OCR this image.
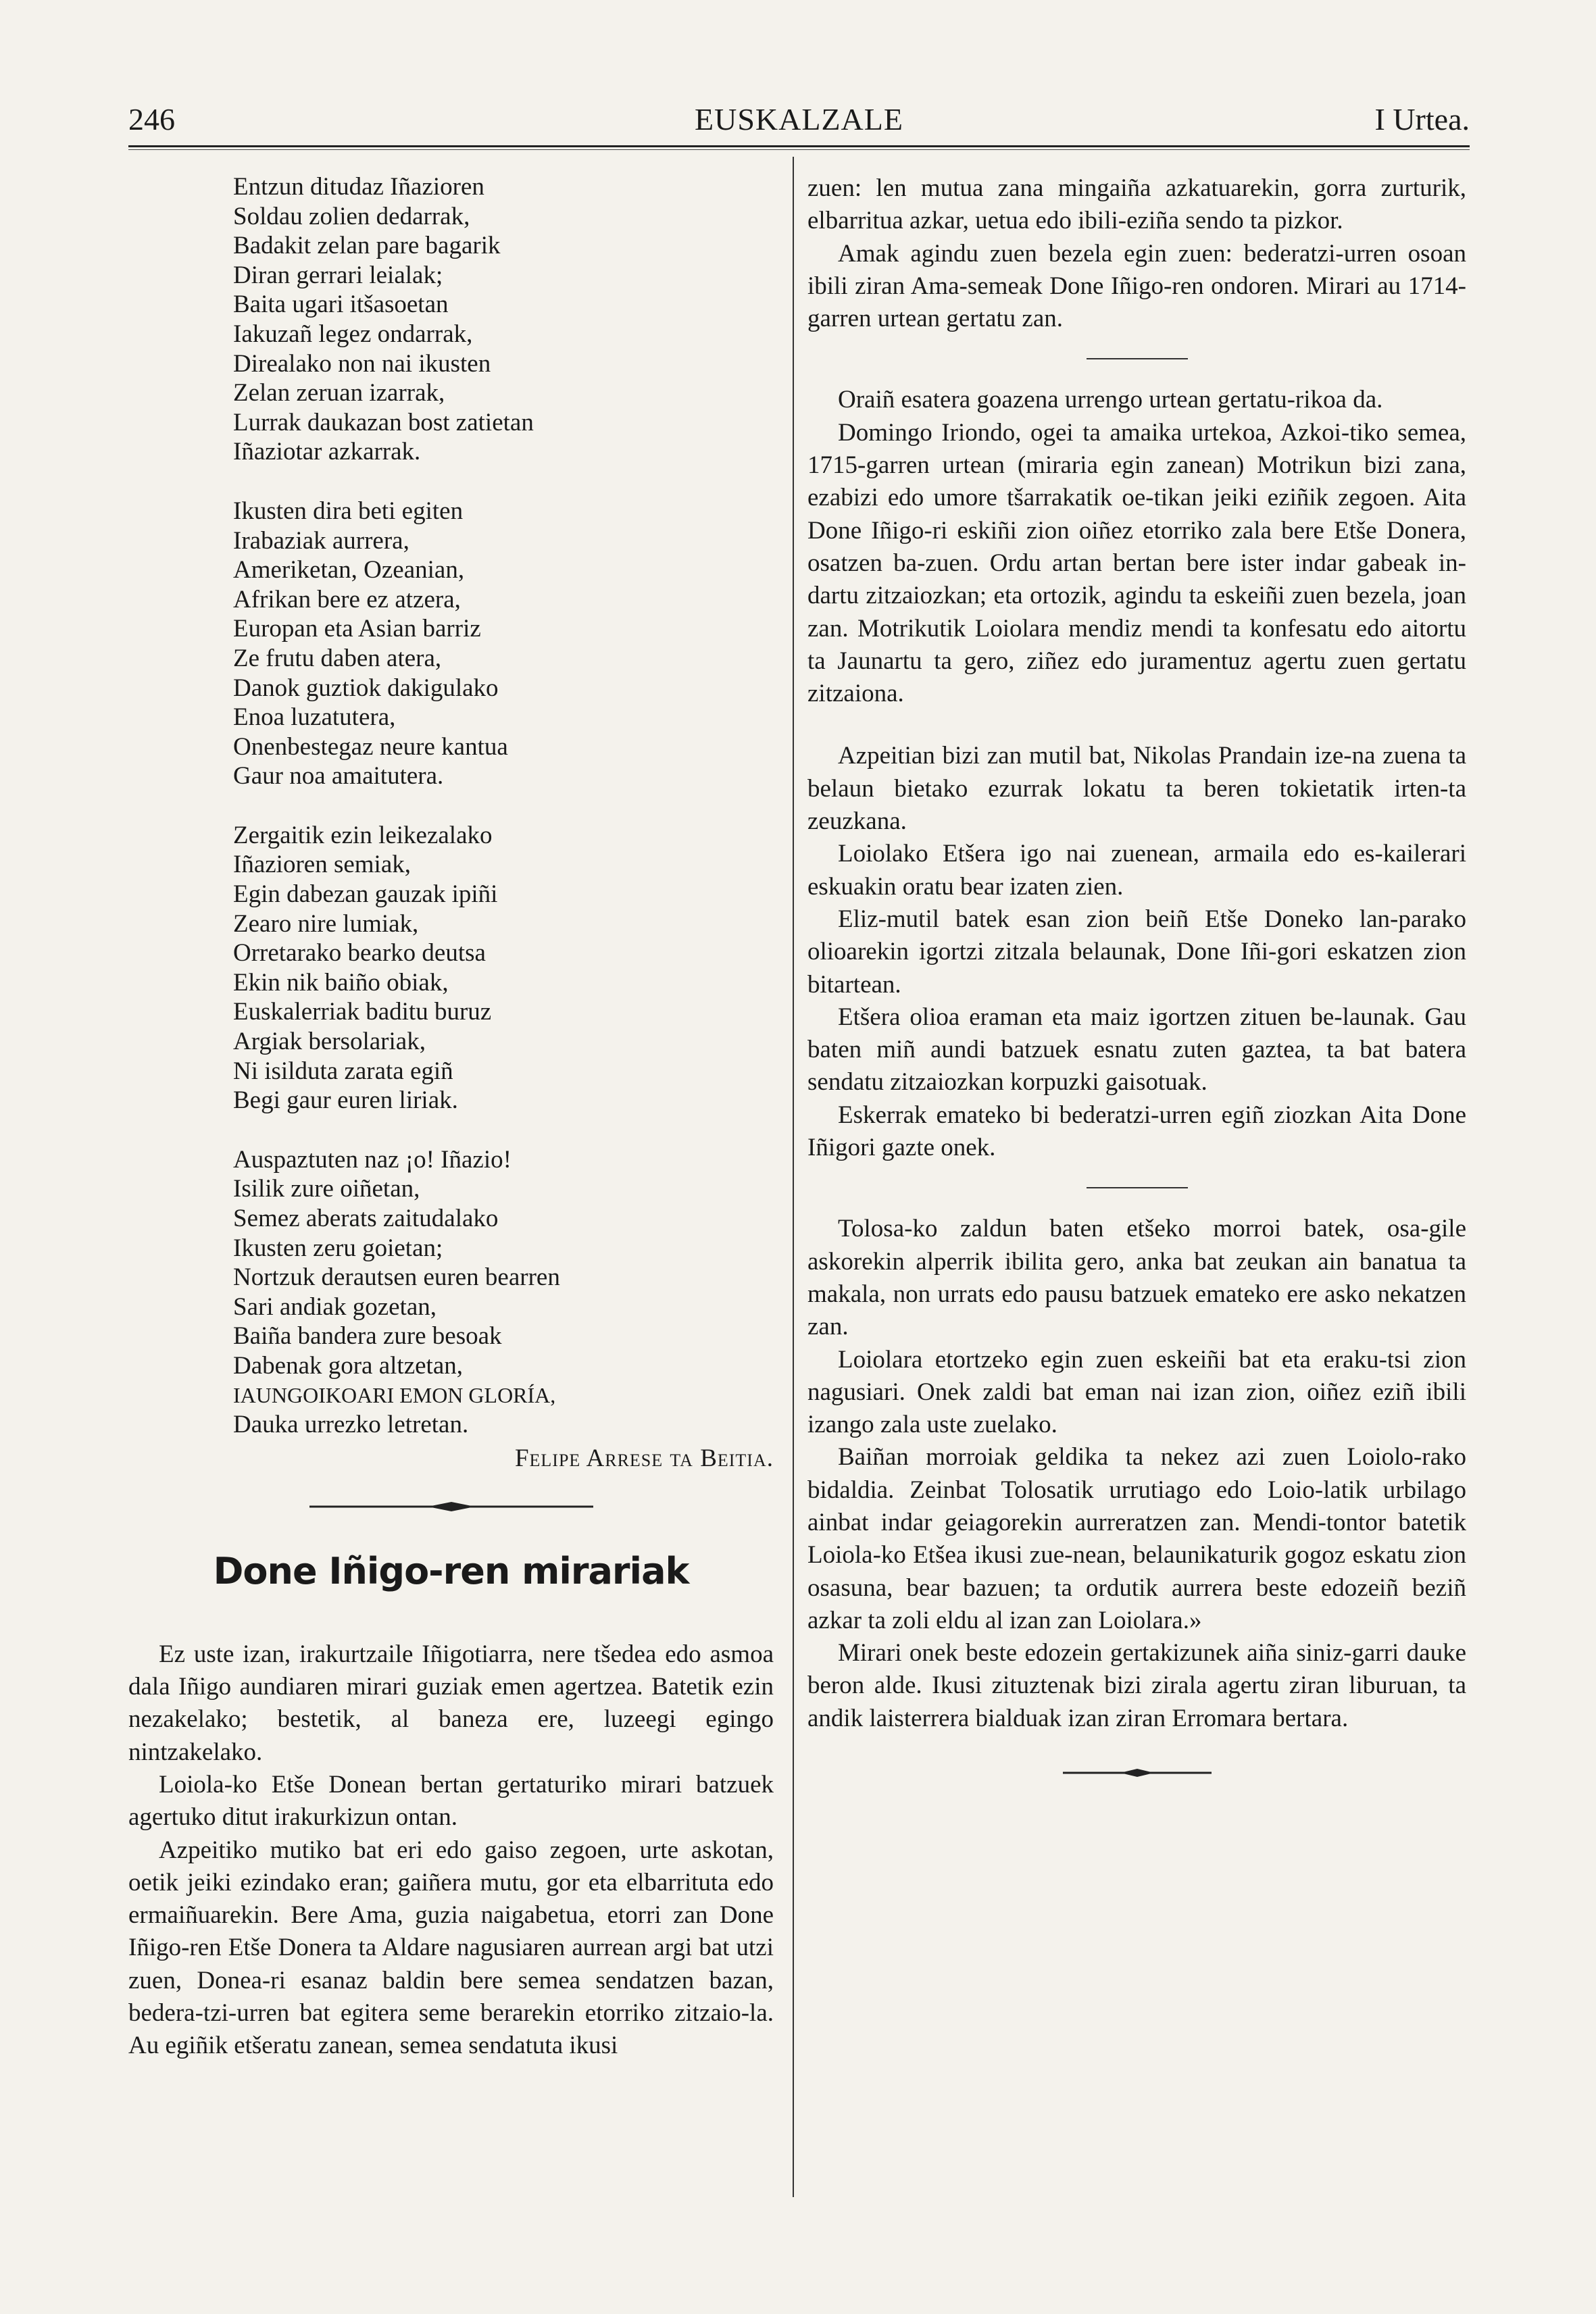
246	EUSKALZALE	I Urtea.
Entzun ditudaz Iñazioren
Soldau zolien dedarrak,
Badakit zelan pare bagarik
Diran gerrari leialak;
Baita ugari itšasoetan
Iakuzañ legez ondarrak,
Direalako non nai ikusten
Zelan zeruan izarrak,
Lurrak daukazan bost zatietan
Iñaziotar azkarrak.
Ikusten dira beti egiten
Irabaziak aurrera,
Ameriketan, Ozeanian,
Afrikan bere ez atzera,
Europan eta Asian barriz
Ze frutu daben atera,
Danok guztiok dakigulako
Enoa luzatutera,
Onenbestegaz neure kantua
Gaur noa amaitutera.
Zergaitik ezin leikezalako
Iñazioren semiak,
Egin dabezan gauzak ipiñi
Zearo nire lumiak,
Orretarako bearko deutsa
Ekin nik baiño obiak,
Euskalerriak baditu buruz
Argiak bersolariak,
Ni isilduta zarata egiñ
Begi gaur euren liriak.
Auspaztuten naz ¡o! Iñazio!
Isilik zure oiñetan,
Semez aberats zaitudalako
Ikusten zeru goietan;
Nortzuk derautsen euren bearren
Sari andiak gozetan,
Baiña bandera zure besoak
Dabenak gora altzetan,
IAUNGOIKOARI EMON GLORÍA,
Dauka urrezko letretan.
Felipe Arrese ta Beitia.
Done Iñigo-ren mirariak

Ez uste izan, irakurtzaile Iñigotiarra, nere tšedea edo asmoa dala Iñigo aundiaren mirari guziak emen agertzea. Batetik ezin nezakelako; bestetik, al baneza ere, luzeegi egingo nintzakelako.

Loiola-ko Etše Donean bertan gertaturiko mirari batzuek agertuko ditut irakurkizun ontan.

Azpeitiko mutiko bat eri edo gaiso zegoen, urte askotan, oetik jeiki ezindako eran; gaiñera mutu, gor eta elbarrituta edo ermaiñuarekin. Bere Ama, guzia naigabetua, etorri zan Done Iñigo-ren Etše Donera ta Aldare nagusiaren aurrean argi bat utzi zuen, Donea-ri esanaz baldin bere semea sendatzen bazan, bedera-tzi-urren bat egitera seme berarekin etorriko zitzaio-la. Au egiñik etšeratu zanean, semea sendatuta ikusi

zuen: len mutua zana mingaiña azkatuarekin, gorra zurturik, elbarritua azkar, uetua edo ibili-eziña sendo ta pizkor.

Amak agindu zuen bezela egin zuen: bederatzi-urren osoan ibili ziran Ama-semeak Done Iñigo-ren ondoren. Mirari au 1714-garren urtean gertatu zan.

Oraiñ esatera goazena urrengo urtean gertatu-rikoa da.

Domingo Iriondo, ogei ta amaika urtekoa, Azkoi-tiko semea, 1715-garren urtean (miraria egin zanean) Motrikun bizi zana, ezabizi edo umore tšarrakatik oe-tikan jeiki eziñik zegoen. Aita Done Iñigo-ri eskiñi zion oiñez etorriko zala bere Etše Donera, osatzen ba-zuen. Ordu artan bertan bere ister indar gabeak in-dartu zitzaiozkan; eta ortozik, agindu ta eskeiñi zuen bezela, joan zan. Motrikutik Loiolara mendiz mendi ta konfesatu edo aitortu ta Jaunartu ta gero, ziñez edo juramentuz agertu zuen gertatu zitzaiona.

Azpeitian bizi zan mutil bat, Nikolas Prandain ize-na zuena ta belaun bietako ezurrak lokatu ta beren tokietatik irten-ta zeuzkana.

Loiolako Etšera igo nai zuenean, armaila edo es-kailerari eskuakin oratu bear izaten zien.

Eliz-mutil batek esan zion beiñ Etše Doneko lan-parako olioarekin igortzi zitzala belaunak, Done Iñi-gori eskatzen zion bitartean.

Etšera olioa eraman eta maiz igortzen zituen be-launak. Gau baten miñ aundi batzuek esnatu zuten gaztea, ta bat batera sendatu zitzaiozkan korpuzki gaisotuak.

Eskerrak emateko bi bederatzi-urren egiñ ziozkan Aita Done Iñigori gazte onek.

Tolosa-ko zaldun baten etšeko morroi batek, osa-gile askorekin alperrik ibilita gero, anka bat zeukan ain banatua ta makala, non urrats edo pausu batzuek emateko ere asko nekatzen zan.

Loiolara etortzeko egin zuen eskeiñi bat eta eraku-tsi zion nagusiari. Onek zaldi bat eman nai izan zion, oiñez eziñ ibili izango zala uste zuelako.

Baiñan morroiak geldika ta nekez azi zuen Loiolo-rako bidaldia. Zeinbat Tolosatik urrutiago edo Loio-latik urbilago ainbat indar geiagorekin aurreratzen zan. Mendi-tontor batetik Loiola-ko Etšea ikusi zue-nean, belaunikaturik gogoz eskatu zion osasuna, bear bazuen; ta ordutik aurrera beste edozeiñ beziñ azkar ta zoli eldu al izan zan Loiolara.»

Mirari onek beste edozein gertakizunek aiña siniz-garri dauke beron alde. Ikusi zituztenak bizi zirala agertu ziran liburuan, ta andik laisterrera bialduak izan ziran Erromara bertara.
